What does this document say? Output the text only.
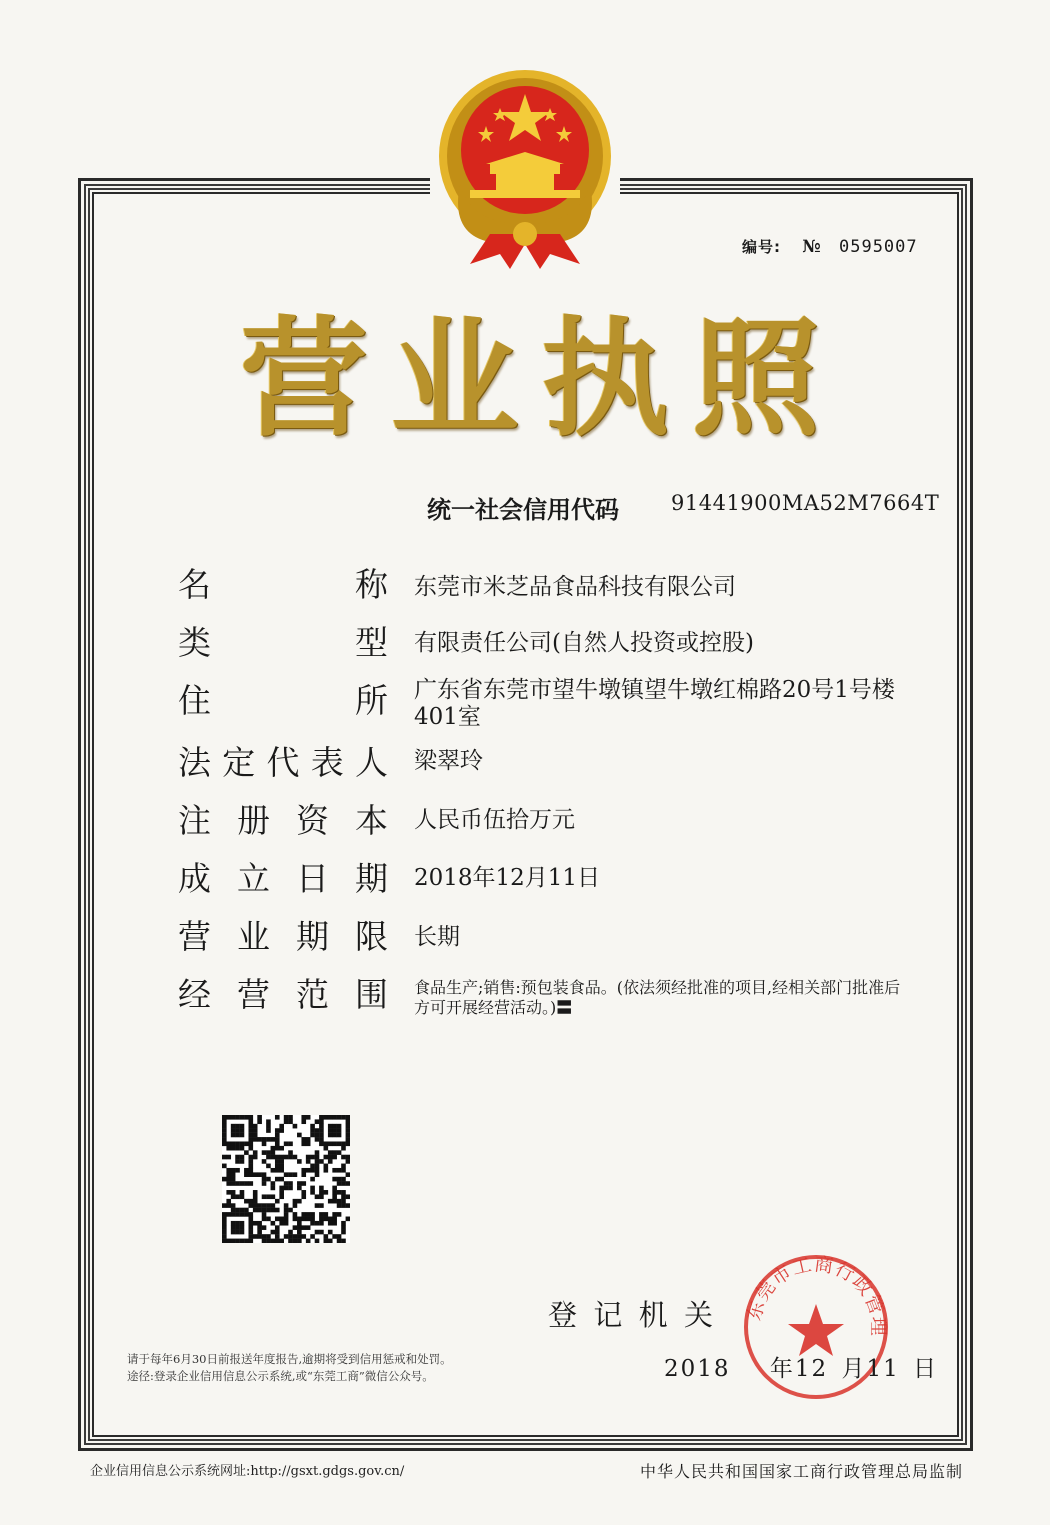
编号: № 0595007
营 业 执 照
统一社会信用代码 91441900MA52M7664T
名	称 东莞市米芝品食品科技有限公司
类	型 有限责任公司(自然人投资或控股)
住	所 广东省东莞市望牛墩镇望牛墩红棉路20号1号楼401室
法 定 代 表 人 梁翠玲
注 册 资 本 人民币伍拾万元
成 立 日 期 2018年12月11日
营 业 期 限 长期
经 营 范 围 食品生产;销售:预包装食品。(依法须经批准的项目,经相关部门批准后方可开展经营活动。)〓
登 记 机 关
请于每年6月30日前报送年度报告,逾期将受到信用惩戒和处罚。
途径:登录企业信用信息公示系统,或“东莞工商”微信公众号。
东莞市工商行政管理
2018 年12 月11 日
企业信用信息公示系统网址:http://gsxt.gdgs.gov.cn/	中华人民共和国国家工商行政管理总局监制
